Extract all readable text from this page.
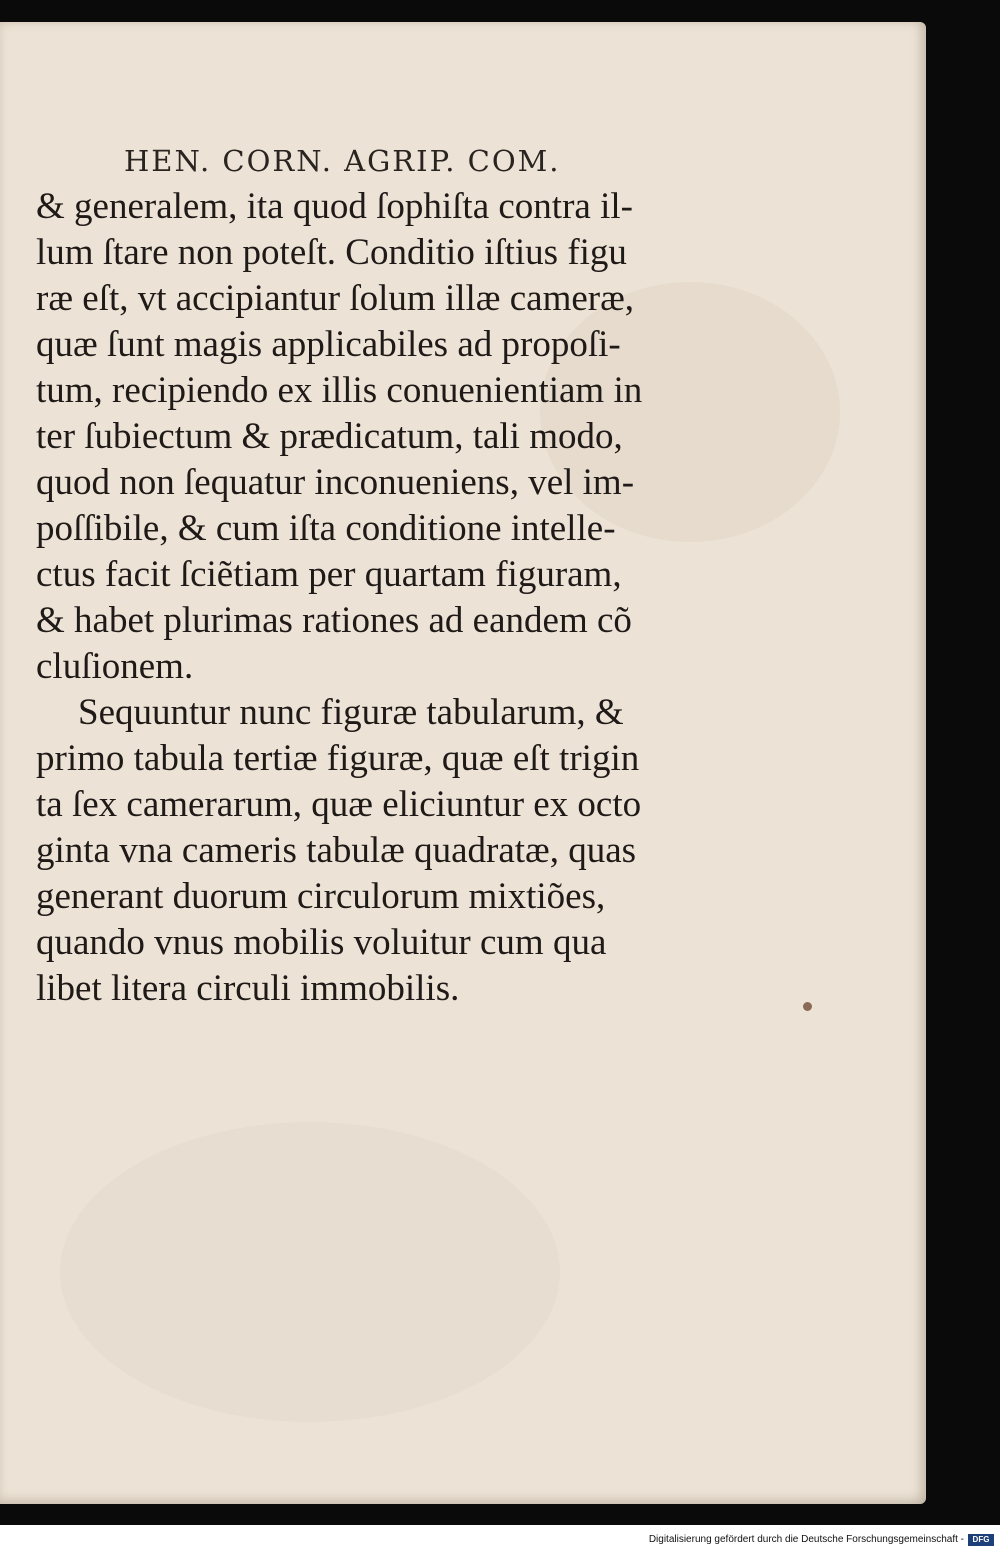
HEN. CORN. AGRIP. COM.
& generalem, ita quod ſophiſta contra il-
lum ſtare non poteſt. Conditio iſtius figu
ræ eſt, vt accipiantur ſolum illæ cameræ,
quæ ſunt magis applicabiles ad propoſi-
tum, recipiendo ex illis conuenientiam in
ter ſubiectum & prædicatum, tali modo,
quod non ſequatur inconueniens, vel im-
poſſibile, & cum iſta conditione intelle-
ctus facit ſciẽtiam per quartam figuram,
& habet plurimas rationes ad eandem cõ
cluſionem.
Sequuntur nunc figuræ tabularum, &
primo tabula tertiæ figuræ, quæ eſt trigin
ta ſex camerarum, quæ eliciuntur ex octo
ginta vna cameris tabulæ quadratæ, quas
generant duorum circulorum mixtiões,
quando vnus mobilis voluitur cum qua
libet litera circuli immobilis.
Digitalisierung gefördert durch die Deutsche Forschungsgemeinschaft -	DFG
